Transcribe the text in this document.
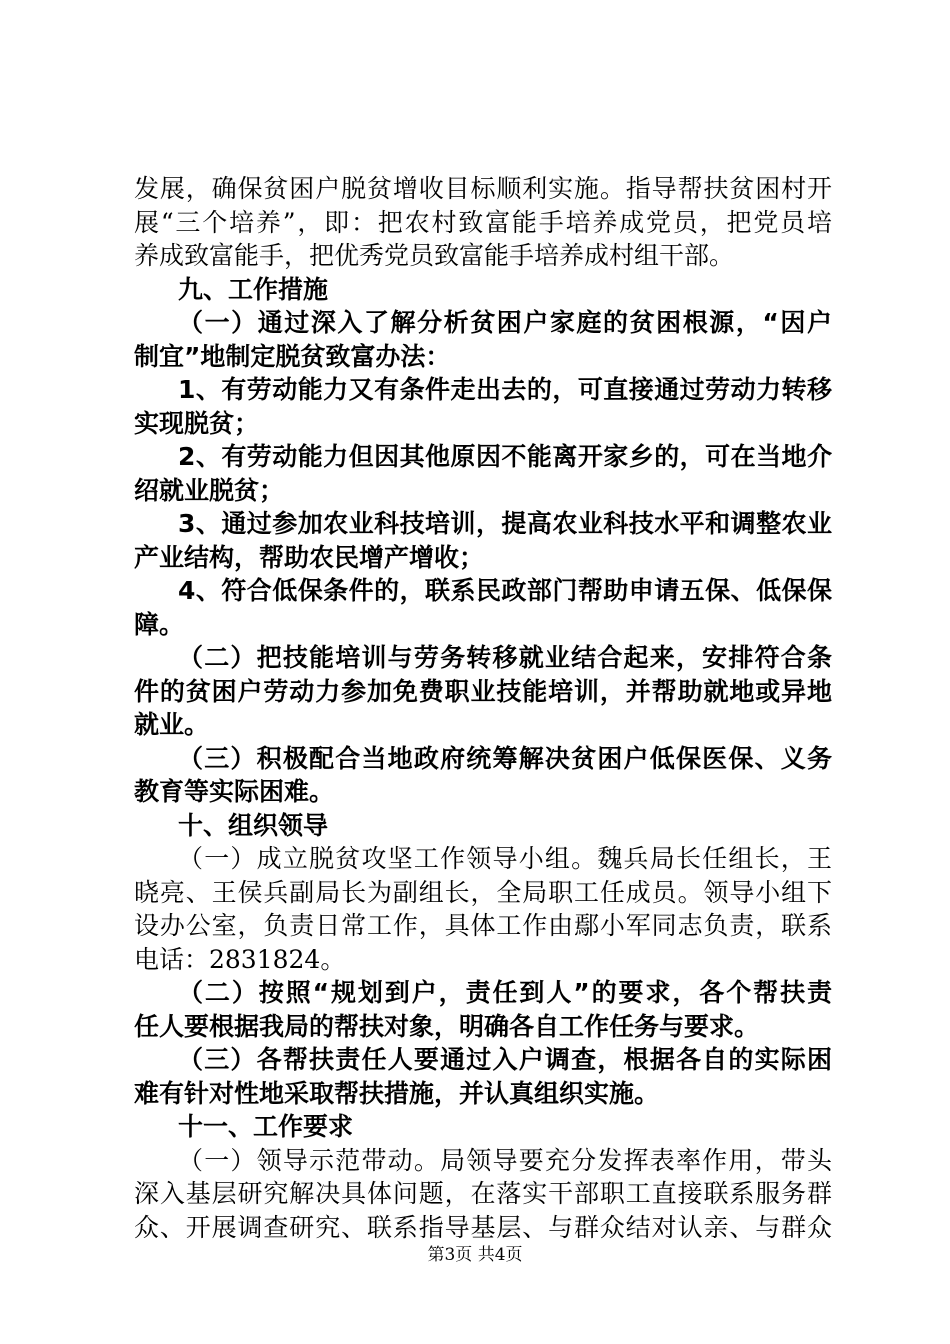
发展，确保贫困户脱贫增收目标顺利实施。指导帮扶贫困村开
展“三个培养”，即：把农村致富能手培养成党员，把党员培
养成致富能手，把优秀党员致富能手培养成村组干部。
九、工作措施
（一）通过深入了解分析贫困户家庭的贫困根源，“因户
制宜”地制定脱贫致富办法：
1、有劳动能力又有条件走出去的，可直接通过劳动力转移
实现脱贫；
2、有劳动能力但因其他原因不能离开家乡的，可在当地介
绍就业脱贫；
3、通过参加农业科技培训，提高农业科技水平和调整农业
产业结构，帮助农民增产增收；
4、符合低保条件的，联系民政部门帮助申请五保、低保保
障。
（二）把技能培训与劳务转移就业结合起来，安排符合条
件的贫困户劳动力参加免费职业技能培训，并帮助就地或异地
就业。
（三）积极配合当地政府统筹解决贫困户低保医保、义务
教育等实际困难。
十、组织领导
（一）成立脱贫攻坚工作领导小组。魏兵局长任组长，王
晓亮、王侯兵副局长为副组长，全局职工任成员。领导小组下
设办公室，负责日常工作，具体工作由鄢小军同志负责，联系
电话：2831824。
（二）按照“规划到户，责任到人”的要求，各个帮扶责
任人要根据我局的帮扶对象，明确各自工作任务与要求。
（三）各帮扶责任人要通过入户调查，根据各自的实际困
难有针对性地采取帮扶措施，并认真组织实施。
十一、工作要求
（一）领导示范带动。局领导要充分发挥表率作用，带头
深入基层研究解决具体问题，在落实干部职工直接联系服务群
众、开展调查研究、联系指导基层、与群众结对认亲、与群众
第3页 共4页
